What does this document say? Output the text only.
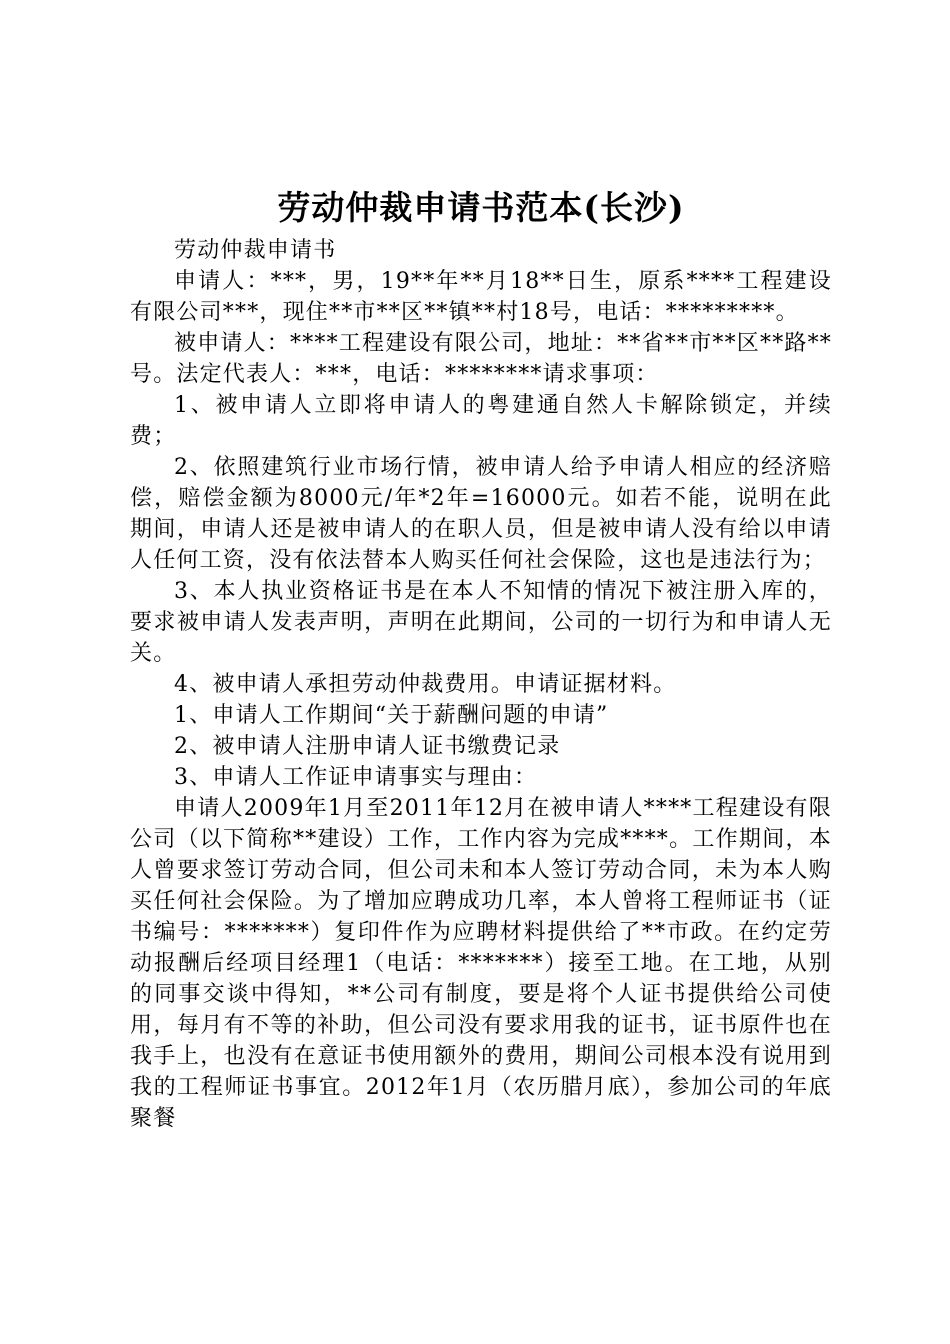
劳动仲裁申请书范本(长沙)

劳动仲裁申请书

申请人：***，男，19**年**月18**日生，原系****工程建设有限公司***，现住**市**区**镇**村18号，电话：*********。

被申请人：****工程建设有限公司，地址：**省**市**区**路**号。法定代表人：***，电话：********请求事项：

1、被申请人立即将申请人的粤建通自然人卡解除锁定，并续费；

2、依照建筑行业市场行情，被申请人给予申请人相应的经济赔偿，赔偿金额为8000元/年*2年=16000元。如若不能，说明在此期间，申请人还是被申请人的在职人员，但是被申请人没有给以申请人任何工资，没有依法替本人购买任何社会保险，这也是违法行为；

3、本人执业资格证书是在本人不知情的情况下被注册入库的，要求被申请人发表声明，声明在此期间，公司的一切行为和申请人无关。

4、被申请人承担劳动仲裁费用。申请证据材料。

1、申请人工作期间“关于薪酬问题的申请”

2、被申请人注册申请人证书缴费记录

3、申请人工作证申请事实与理由：

申请人2009年1月至2011年12月在被申请人****工程建设有限公司（以下简称**建设）工作，工作内容为完成****。工作期间，本人曾要求签订劳动合同，但公司未和本人签订劳动合同，未为本人购买任何社会保险。为了增加应聘成功几率，本人曾将工程师证书（证书编号：*******）复印件作为应聘材料提供给了**市政。在约定劳动报酬后经项目经理1（电话：*******）接至工地。在工地，从别的同事交谈中得知，**公司有制度，要是将个人证书提供给公司使用，每月有不等的补助，但公司没有要求用我的证书，证书原件也在我手上，也没有在意证书使用额外的费用，期间公司根本没有说用到我的工程师证书事宜。2012年1月（农历腊月底），参加公司的年底聚餐
